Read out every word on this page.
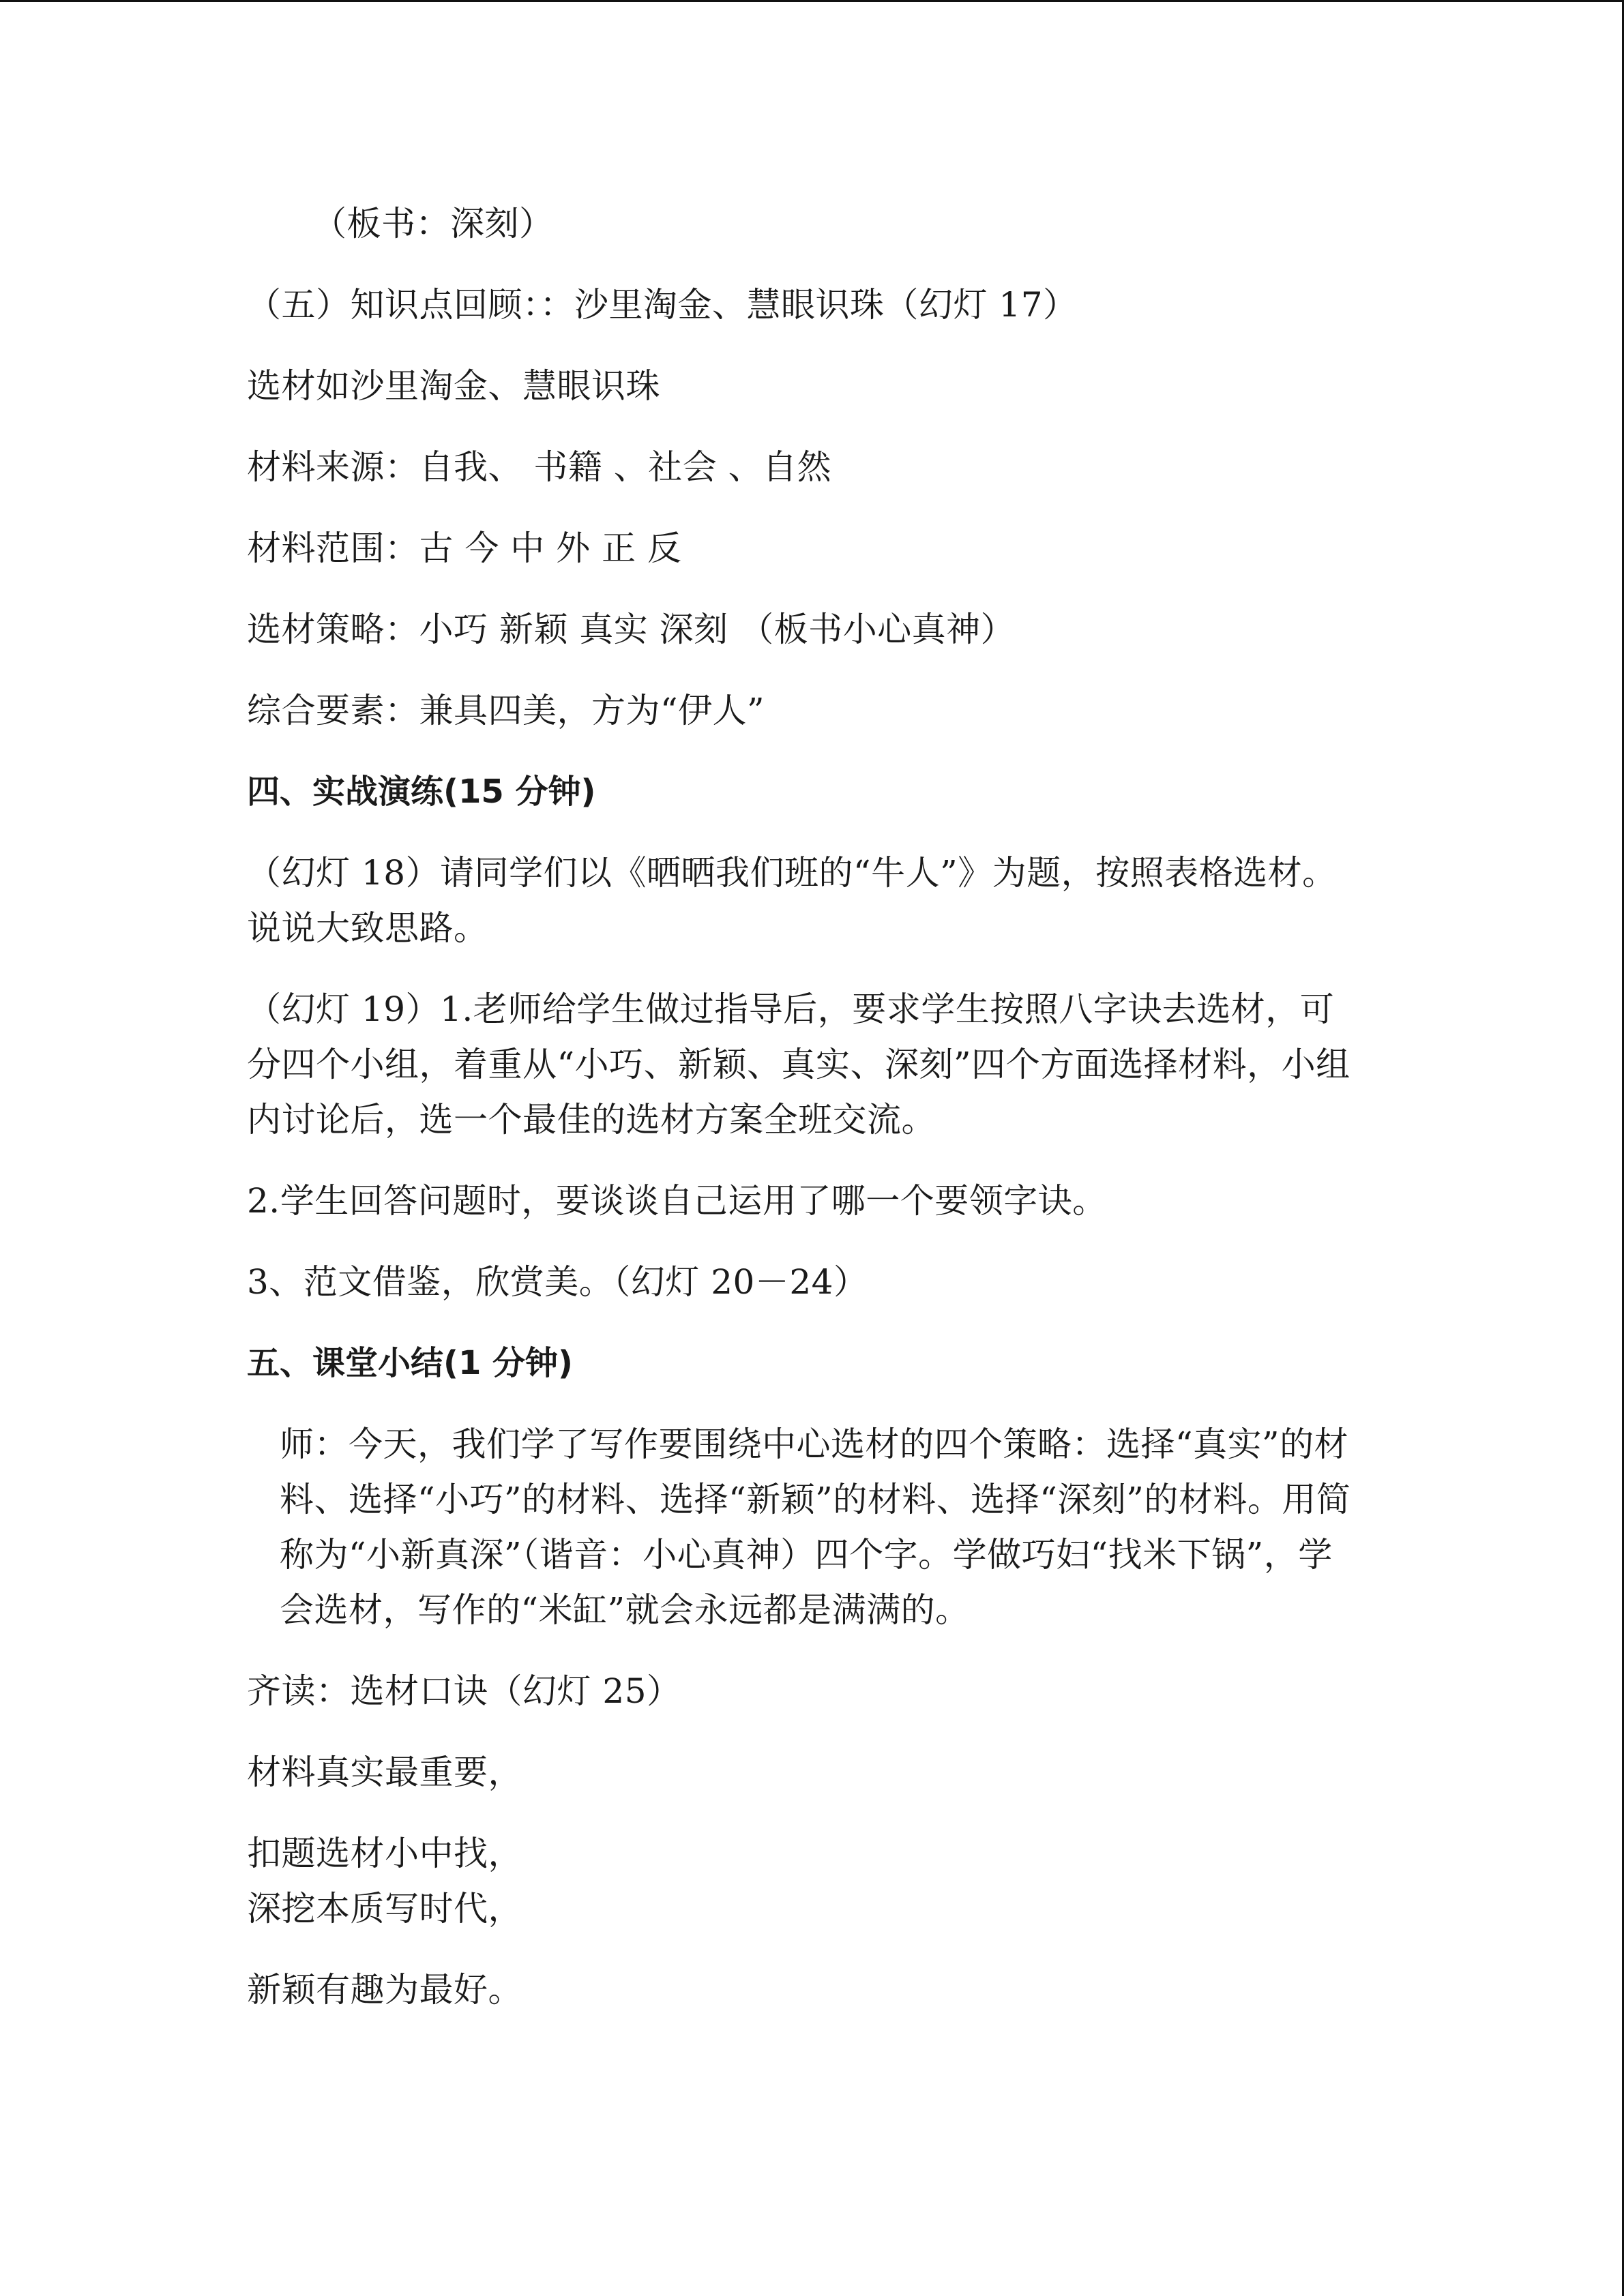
（板书：深刻）

（五）知识点回顾：：沙里淘金、慧眼识珠（幻灯 17）

选材如沙里淘金、慧眼识珠

材料来源：自我、 书籍 、社会 、自然

材料范围：古 今 中 外 正 反

选材策略：小巧 新颖 真实 深刻 （板书小心真神）

综合要素：兼具四美，方为“伊人”

四、实战演练(15 分钟)

（幻灯 18）请同学们以《晒晒我们班的“牛人”》为题，按照表格选材。说说大致思路。

（幻灯 19）1.老师给学生做过指导后，要求学生按照八字诀去选材，可分四个小组，着重从“小巧、新颖、真实、深刻”四个方面选择材料，小组内讨论后，选一个最佳的选材方案全班交流。

2.学生回答问题时，要谈谈自己运用了哪一个要领字诀。

3、范文借鉴，欣赏美。（幻灯 20－24）

五、课堂小结(1 分钟)

师：今天，我们学了写作要围绕中心选材的四个策略：选择“真实”的材料、选择“小巧”的材料、选择“新颖”的材料、选择“深刻”的材料。用简称为“小新真深”（谐音：小心真神）四个字。学做巧妇“找米下锅”，学会选材，写作的“米缸”就会永远都是满满的。

齐读：选材口诀（幻灯 25）

材料真实最重要，

扣题选材小中找，

深挖本质写时代，

新颖有趣为最好。
